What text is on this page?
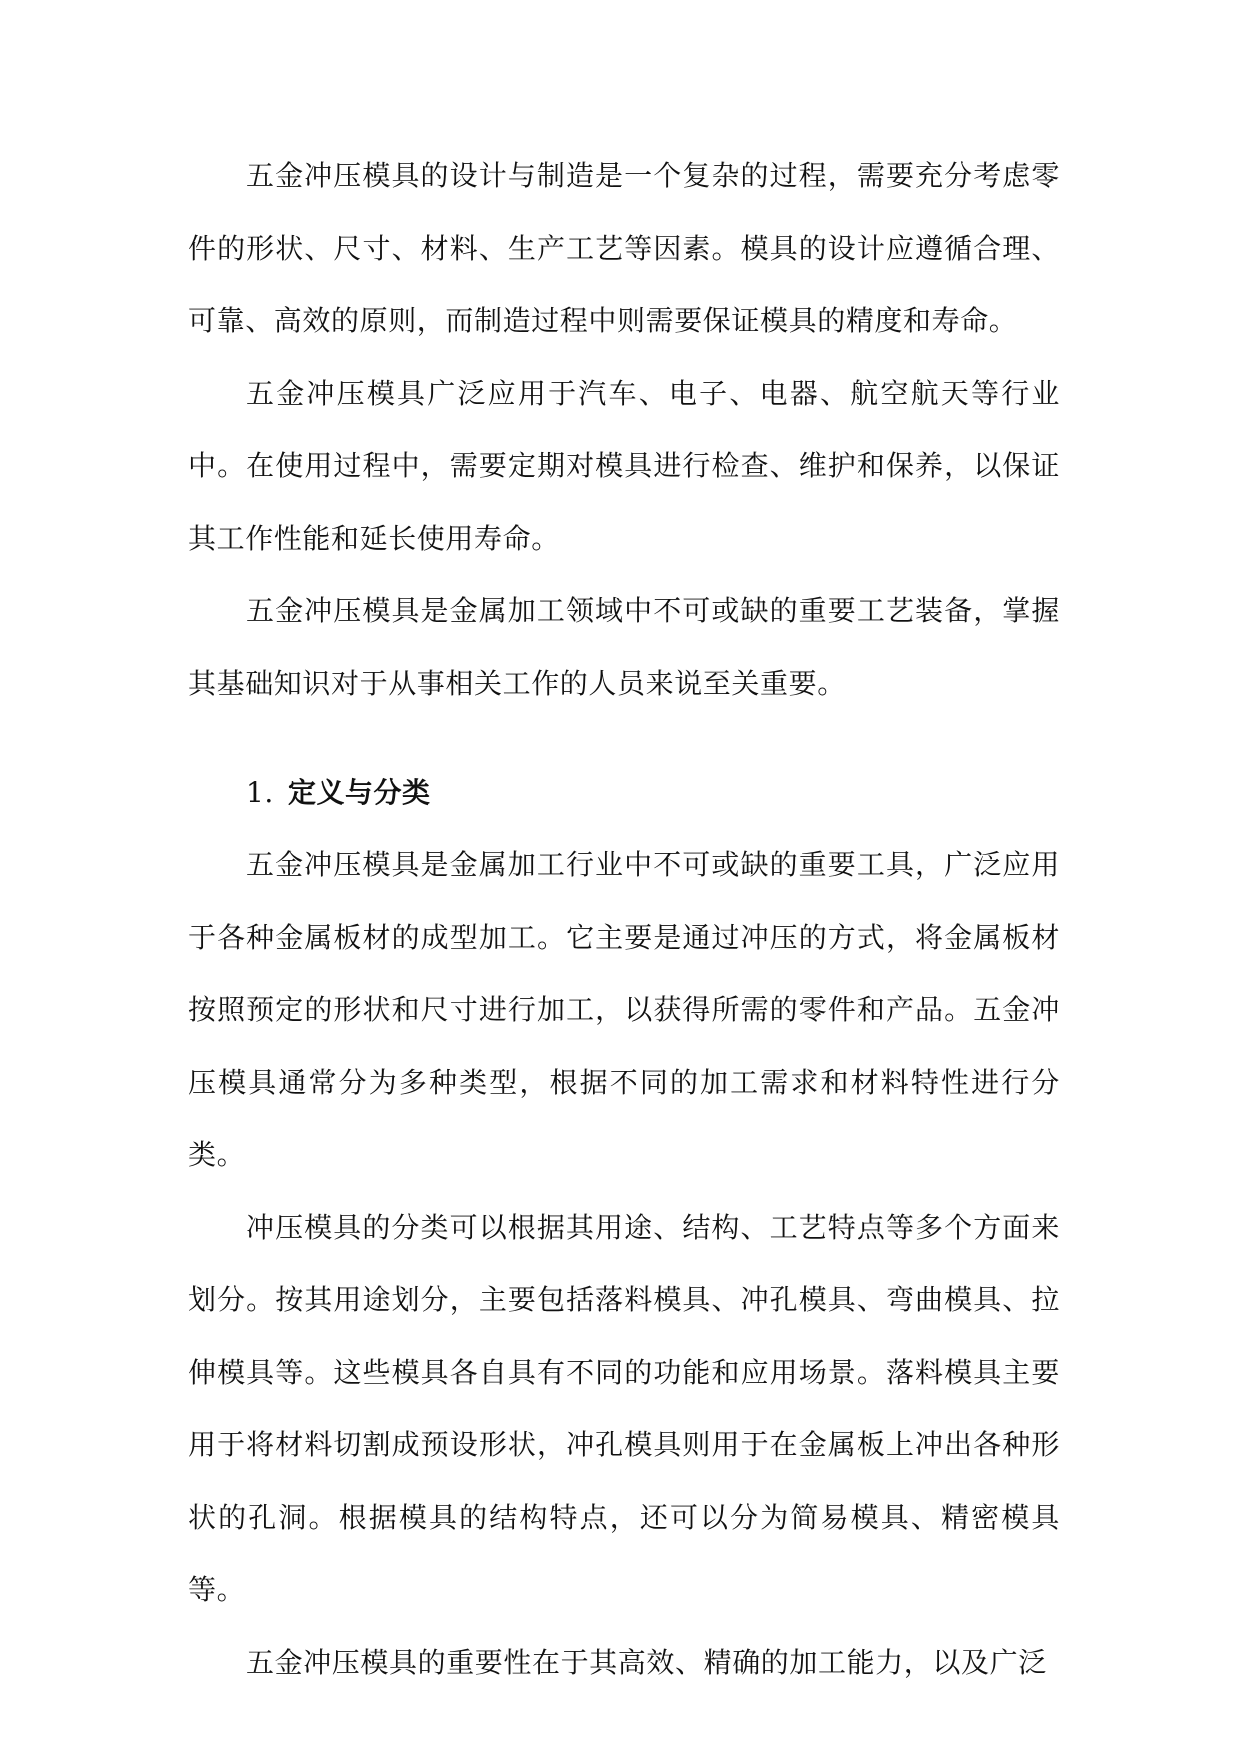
五金冲压模具的设计与制造是一个复杂的过程，需要充分考虑零件的形状、尺寸、材料、生产工艺等因素。模具的设计应遵循合理、可靠、高效的原则，而制造过程中则需要保证模具的精度和寿命。

五金冲压模具广泛应用于汽车、电子、电器、航空航天等行业中。在使用过程中，需要定期对模具进行检查、维护和保养，以保证其工作性能和延长使用寿命。

五金冲压模具是金属加工领域中不可或缺的重要工艺装备，掌握其基础知识对于从事相关工作的人员来说至关重要。

1. 定义与分类

五金冲压模具是金属加工行业中不可或缺的重要工具，广泛应用于各种金属板材的成型加工。它主要是通过冲压的方式，将金属板材按照预定的形状和尺寸进行加工，以获得所需的零件和产品。五金冲压模具通常分为多种类型，根据不同的加工需求和材料特性进行分类。

冲压模具的分类可以根据其用途、结构、工艺特点等多个方面来划分。按其用途划分，主要包括落料模具、冲孔模具、弯曲模具、拉伸模具等。这些模具各自具有不同的功能和应用场景。落料模具主要用于将材料切割成预设形状，冲孔模具则用于在金属板上冲出各种形状的孔洞。根据模具的结构特点，还可以分为简易模具、精密模具等。

五金冲压模具的重要性在于其高效、精确的加工能力，以及广泛
